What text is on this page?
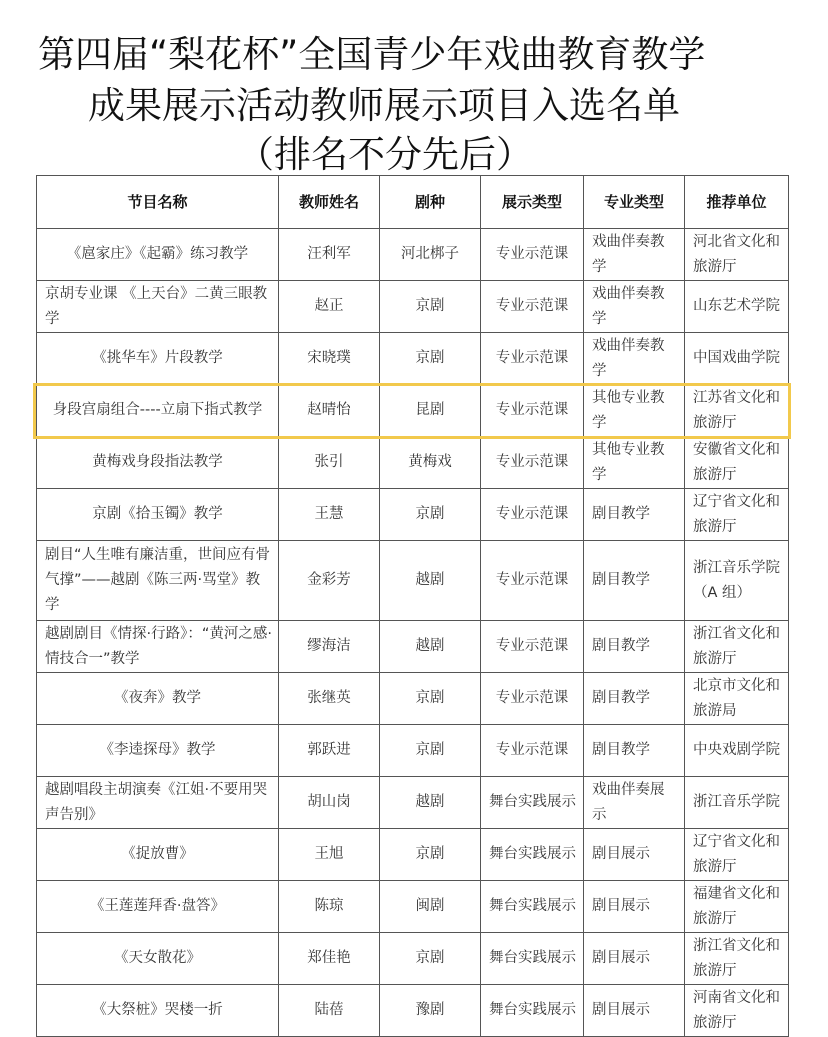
第四届“梨花杯”全国青少年戏曲教育教学
成果展示活动教师展示项目入选名单
（排名不分先后）
节目名称	教师姓名	剧种	展示类型	专业类型	推荐单位
《扈家庄》《起霸》练习教学	汪利军	河北梆子	专业示范课	戏曲伴奏教学	河北省文化和旅游厅
京胡专业课 《上天台》二黄三眼教学	赵正	京剧	专业示范课	戏曲伴奏教学	山东艺术学院
《挑华车》片段教学	宋晓璞	京剧	专业示范课	戏曲伴奏教学	中国戏曲学院
身段宫扇组合----立扇下指式教学	赵晴怡	昆剧	专业示范课	其他专业教学	江苏省文化和旅游厅
黄梅戏身段指法教学	张引	黄梅戏	专业示范课	其他专业教学	安徽省文化和旅游厅
京剧《拾玉镯》教学	王慧	京剧	专业示范课	剧目教学	辽宁省文化和旅游厅
剧目“人生唯有廉洁重，世间应有骨气撑”——越剧《陈三两·骂堂》教学	金彩芳	越剧	专业示范课	剧目教学	浙江音乐学院（A 组）
越剧剧目《情探·行路》：“黄河之感·情技合一”教学	缪海洁	越剧	专业示范课	剧目教学	浙江省文化和旅游厅
《夜奔》教学	张继英	京剧	专业示范课	剧目教学	北京市文化和旅游局
《李逵探母》教学	郭跃进	京剧	专业示范课	剧目教学	中央戏剧学院
越剧唱段主胡演奏《江姐·不要用哭声告别》	胡山岗	越剧	舞台实践展示	戏曲伴奏展示	浙江音乐学院
《捉放曹》	王旭	京剧	舞台实践展示	剧目展示	辽宁省文化和旅游厅
《王莲莲拜香·盘答》	陈琼	闽剧	舞台实践展示	剧目展示	福建省文化和旅游厅
《天女散花》	郑佳艳	京剧	舞台实践展示	剧目展示	浙江省文化和旅游厅
《大祭桩》哭楼一折	陆蓓	豫剧	舞台实践展示	剧目展示	河南省文化和旅游厅
